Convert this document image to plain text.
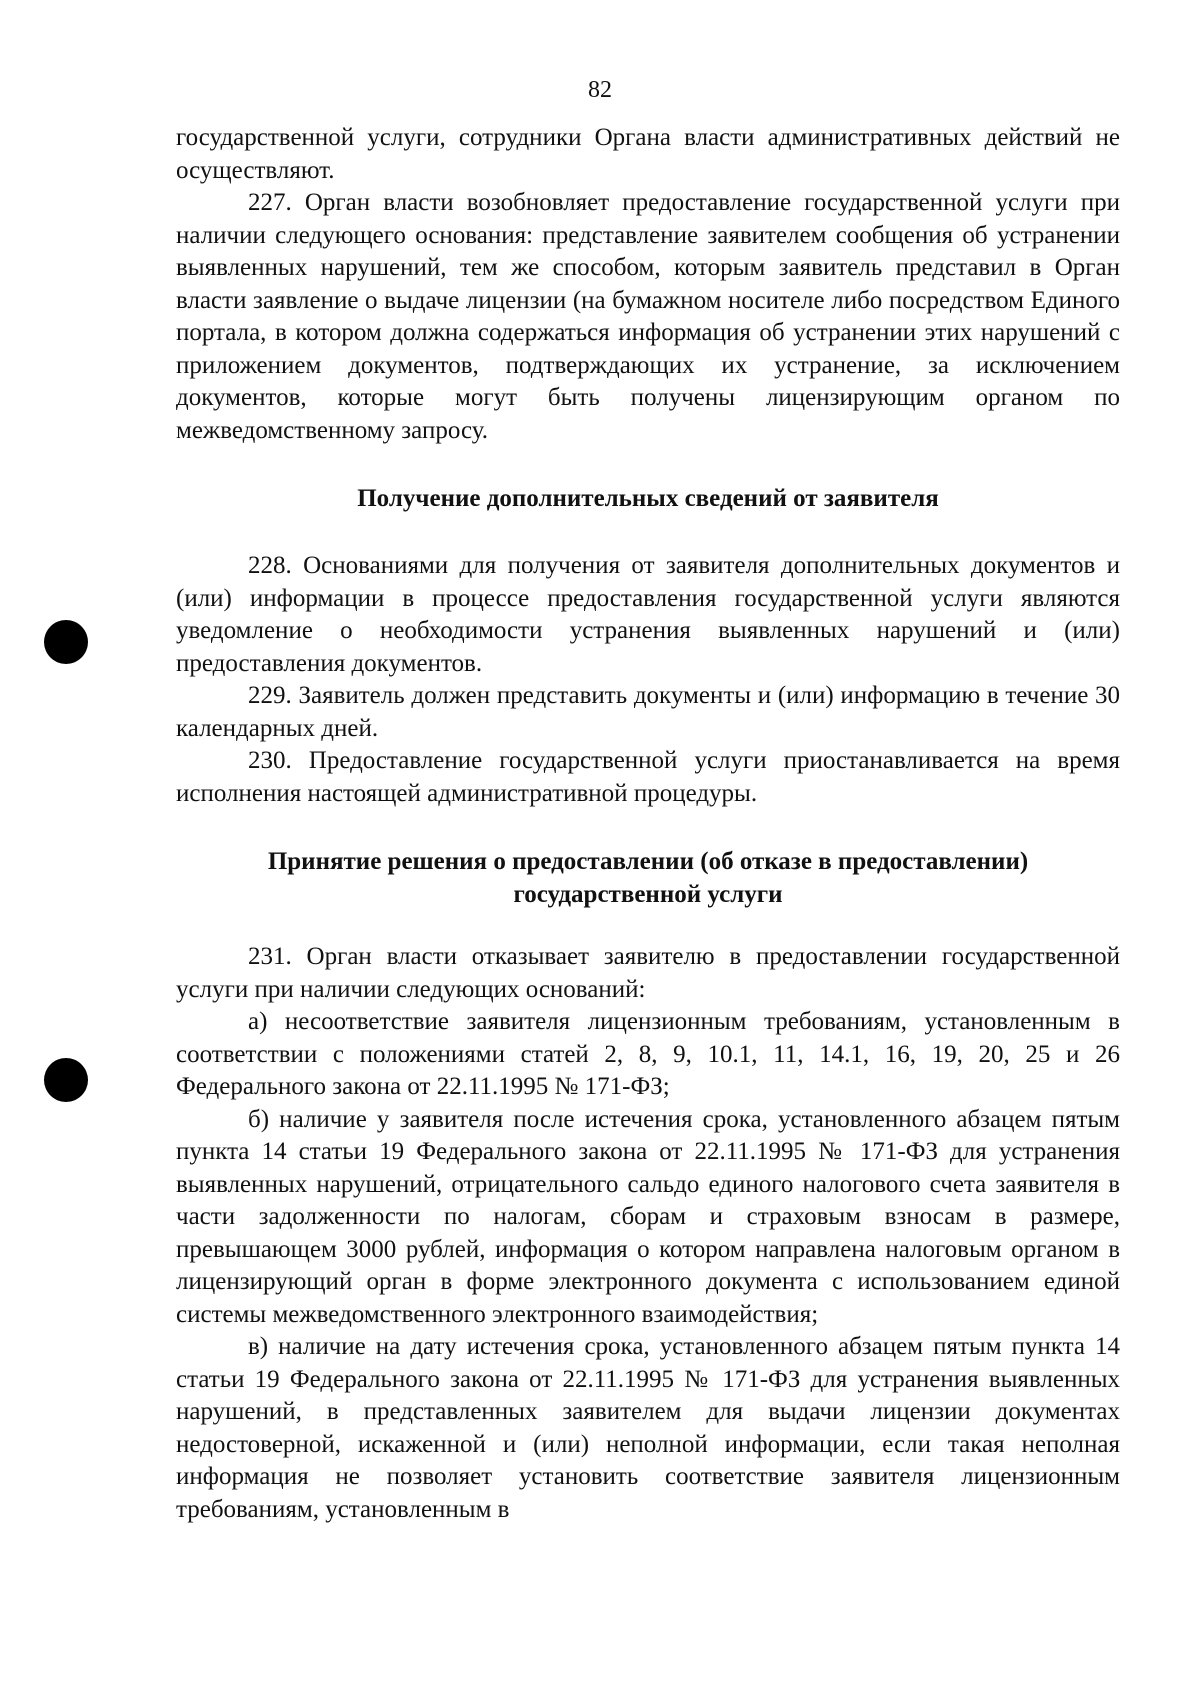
82

государственной услуги, сотрудники Органа власти административных действий не осуществляют.

227. Орган власти возобновляет предоставление государственной услуги при наличии следующего основания: представление заявителем сообщения об устранении выявленных нарушений, тем же способом, которым заявитель представил в Орган власти заявление о выдаче лицензии (на бумажном носителе либо посредством Единого портала, в котором должна содержаться информация об устранении этих нарушений с приложением документов, подтверждающих их устранение, за исключением документов, которые могут быть получены лицензирующим органом по межведомственному запросу.

Получение дополнительных сведений от заявителя

228. Основаниями для получения от заявителя дополнительных документов и (или) информации в процессе предоставления государственной услуги являются уведомление о необходимости устранения выявленных нарушений и (или) предоставления документов.

229. Заявитель должен представить документы и (или) информацию в течение 30 календарных дней.

230. Предоставление государственной услуги приостанавливается на время исполнения настоящей административной процедуры.

Принятие решения о предоставлении (об отказе в предоставлении)
государственной услуги

231. Орган власти отказывает заявителю в предоставлении государственной услуги при наличии следующих оснований:

а) несоответствие заявителя лицензионным требованиям, установленным в соответствии с положениями статей 2, 8, 9, 10.1, 11, 14.1, 16, 19, 20, 25 и 26 Федерального закона от 22.11.1995 № 171-ФЗ;

б) наличие у заявителя после истечения срока, установленного абзацем пятым пункта 14 статьи 19 Федерального закона от 22.11.1995 № 171-ФЗ для устранения выявленных нарушений, отрицательного сальдо единого налогового счета заявителя в части задолженности по налогам, сборам и страховым взносам в размере, превышающем 3000 рублей, информация о котором направлена налоговым органом в лицензирующий орган в форме электронного документа с использованием единой системы межведомственного электронного взаимодействия;

в) наличие на дату истечения срока, установленного абзацем пятым пункта 14 статьи 19 Федерального закона от 22.11.1995 № 171-ФЗ для устранения выявленных нарушений, в представленных заявителем для выдачи лицензии документах недостоверной, искаженной и (или) неполной информации, если такая неполная информация не позволяет установить соответствие заявителя лицензионным требованиям, установленным в
